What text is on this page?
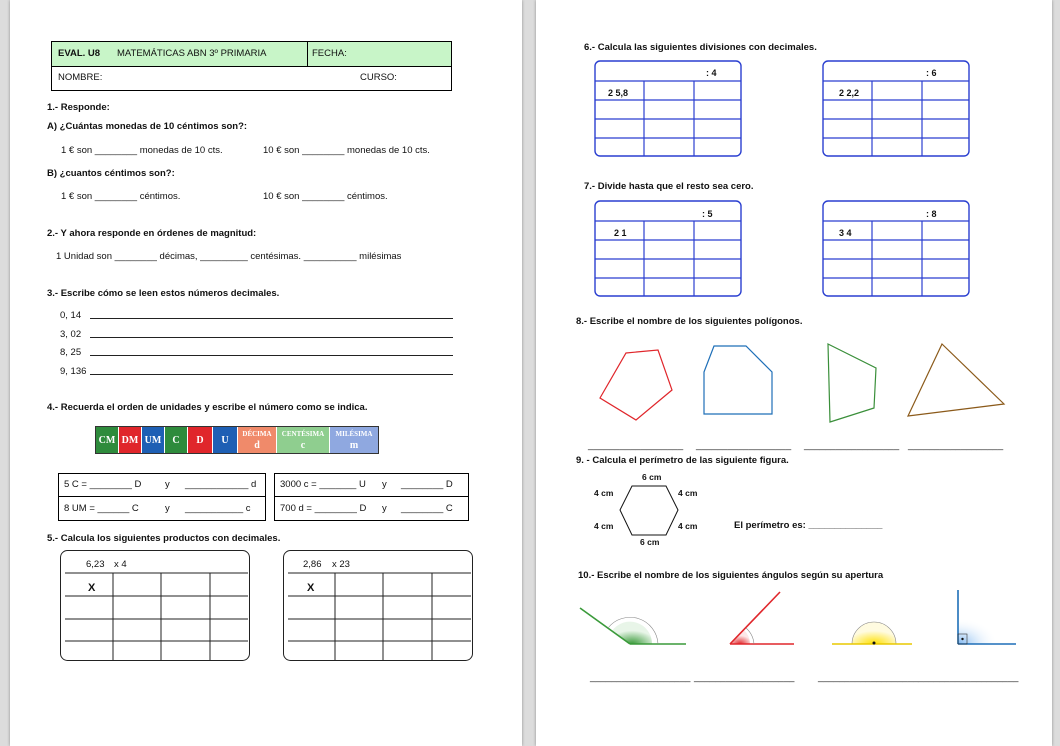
EVAL. U8 MATEMÁTICAS ABN 3º PRIMARIA	FECHA:
NOMBRE:	CURSO:
1.- Responde:
A) ¿Cuántas monedas de 10 céntimos son?:
1 € son ________ monedas de 10 cts.	10 € son ________ monedas de 10 cts.
B) ¿cuantos céntimos son?:
1 € son ________ céntimos.	10 € son ________ céntimos.
2.- Y ahora responde en órdenes de magnitud:
1 Unidad son ________ décimas, _________ centésimas. __________ milésimas
3.- Escribe cómo se leen estos números decimales.
0, 14
3, 02
8, 25
9, 136
4.- Recuerda el orden de unidades y escribe el número como se indica.
CM DM UM C D U
DÉCIMA
d
CENTÉSIMA
c
MILÉSIMA
m
5 C = ________ D y ____________ d
8 UM = ______ C	y ___________ c
3000 c = _______ U y ________ D
700 d = ________ D y ________ C
5.- Calcula los siguientes productos con decimales.
6,23 x 4
X
2,86 x 23
X
6.- Calcula las siguientes divisiones con decimales.
: 4
2 5,8
: 6
2 2,2
7.- Divide hasta que el resto sea cero.
: 5
2 1
: 8
3 4
8.- Escribe el nombre de los siguientes polígonos.
__________________ __________________ __________________ __________________
9. - Calcula el perímetro de las siguiente figura.
6 cm
6 cm
4 cm	4 cm
4 cm	4 cm	El perímetro es: ______________
10.- Escribe el nombre de los siguientes ángulos según su apertura
___________________ ___________________ ___________________ ___________________
